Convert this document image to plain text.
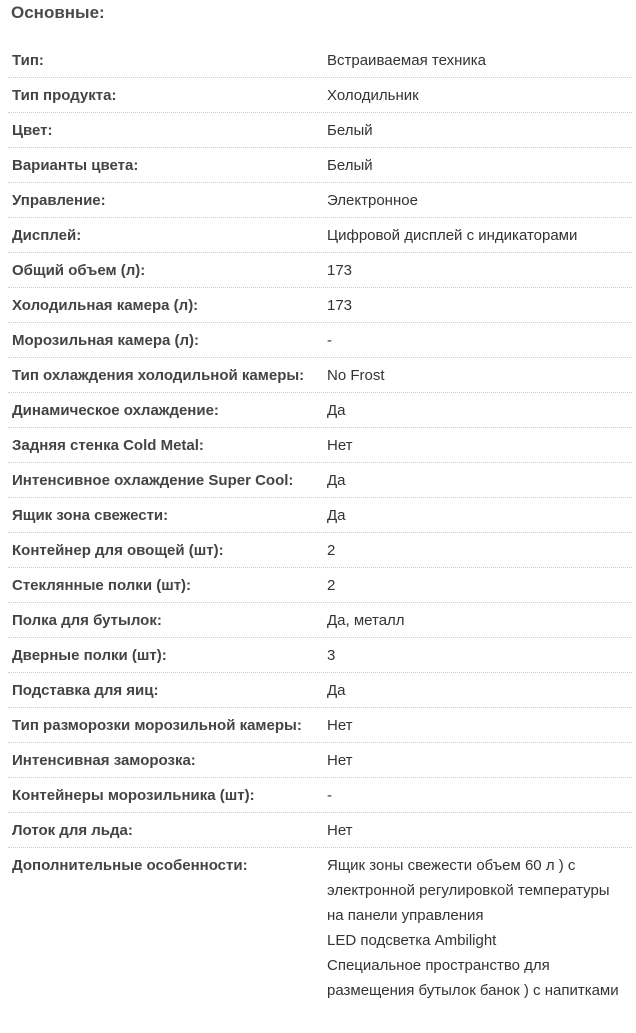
Основные:
Тип:	Встраиваемая техника
Тип продукта:	Холодильник
Цвет:	Белый
Варианты цвета:	Белый
Управление:	Электронное
Дисплей:	Цифровой дисплей с индикаторами
Общий объем (л):	173
Холодильная камера (л):	173
Морозильная камера (л):	-
Тип охлаждения холодильной камеры:	No Frost
Динамическое охлаждение:	Да
Задняя стенка Cold Metal:	Нет
Интенсивное охлаждение Super Cool:	Да
Ящик зона свежести:	Да
Контейнер для овощей (шт):	2
Стеклянные полки (шт):	2
Полка для бутылок:	Да, металл
Дверные полки (шт):	3
Подставка для яиц:	Да
Тип разморозки морозильной камеры:	Нет
Интенсивная заморозка:	Нет
Контейнеры морозильника (шт):	-
Лоток для льда:	Нет
Дополнительные особенности:	Ящик зоны свежести объем 60 л ) с
электронной регулировкой температуры
на панели управления
LED подсветка Ambilight
Специальное пространство для
размещения бутылок банок ) с напитками
